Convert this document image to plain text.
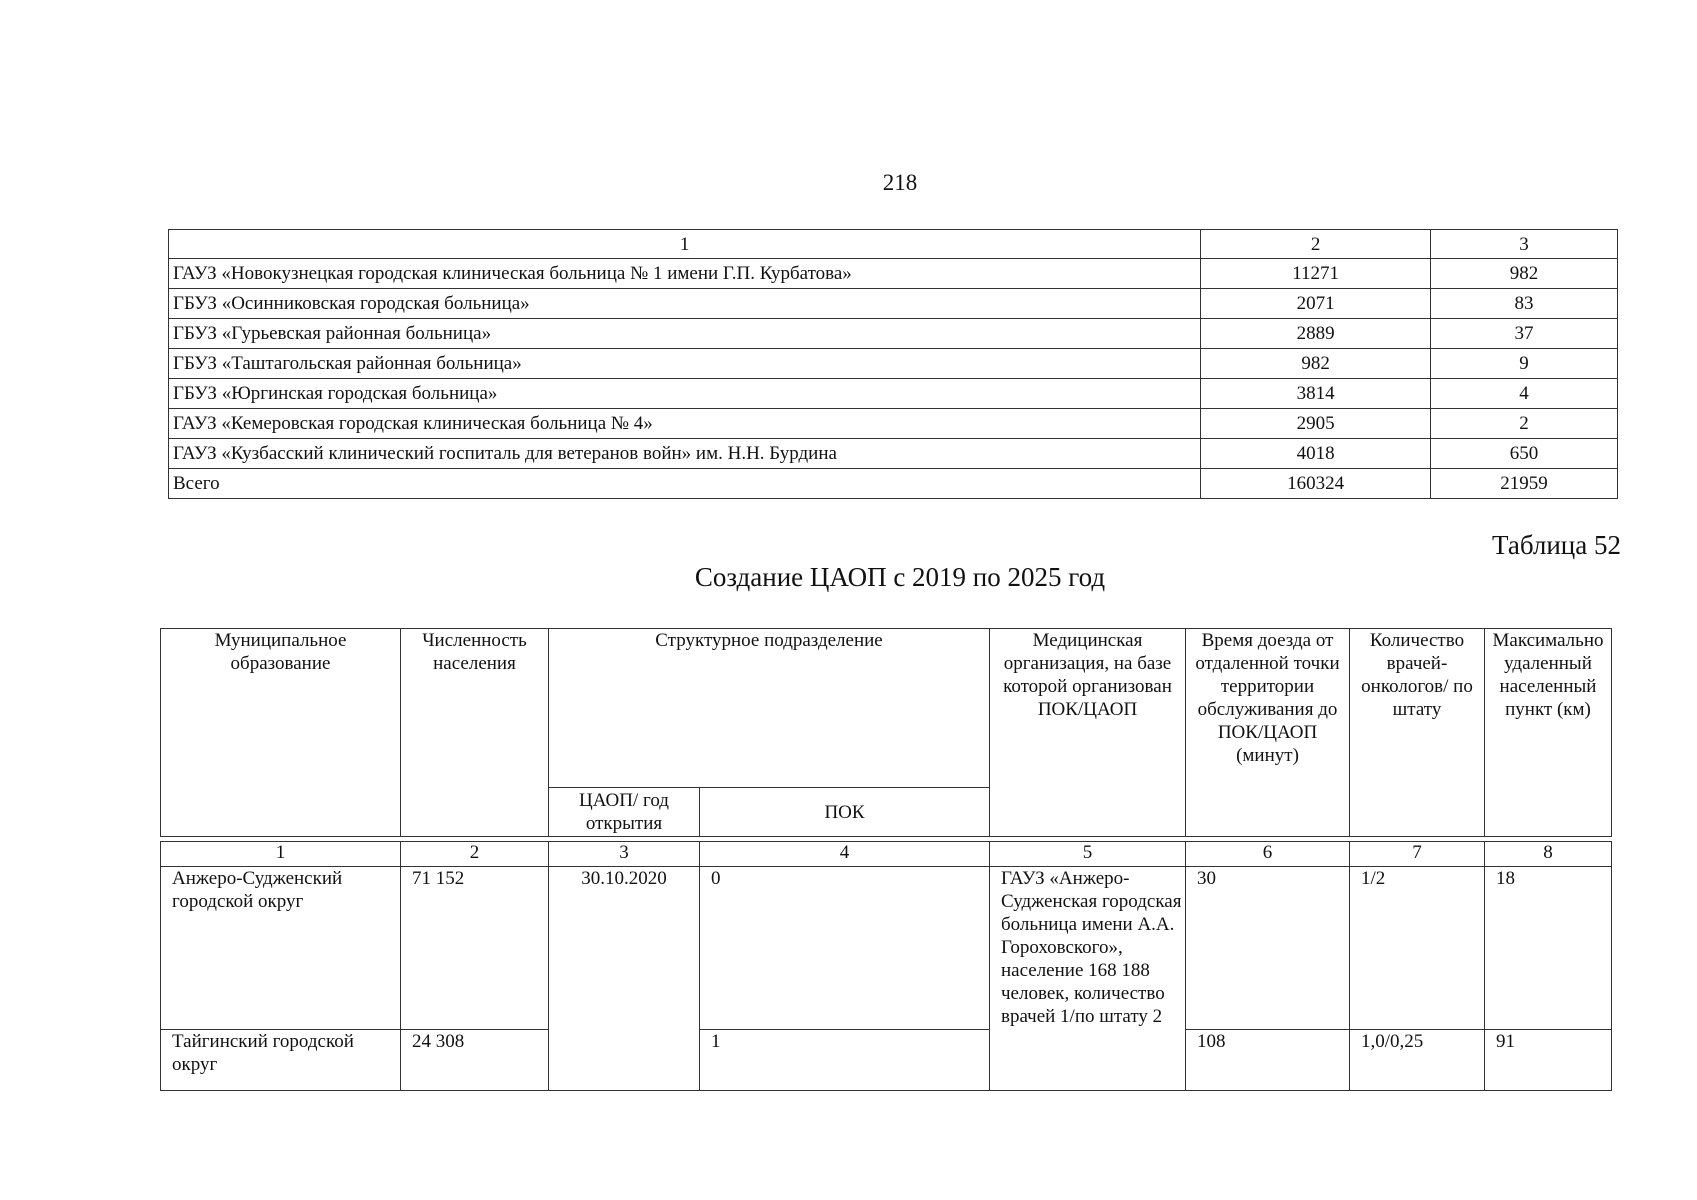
218
1	2	3
ГАУЗ «Новокузнецкая городская клиническая больница № 1 имени Г.П. Курбатова»	11271	982
ГБУЗ «Осинниковская городская больница»	2071	83
ГБУЗ «Гурьевская районная больница»	2889	37
ГБУЗ «Таштагольская районная больница»	982	9
ГБУЗ «Юргинская городская больница»	3814	4
ГАУЗ «Кемеровская городская клиническая больница № 4»	2905	2
ГАУЗ «Кузбасский клинический госпиталь для ветеранов войн» им. Н.Н. Бурдина	4018	650
Всего	160324	21959
Таблица 52
Создание ЦАОП с 2019 по 2025 год
Муниципальное образование	Численность населения	Структурное подразделение		Медицинская организация, на базе которой организован ПОК/ЦАОП	Время доезда от отдаленной точки территории обслуживания до ПОК/ЦАОП (минут)	Количество врачей-онкологов/ по штату	Максимально удаленный населенный пункт (км)
		ЦАОП/ год открытия	ПОК				

1	2	3	4	5	6	7	8
Анжеро-Судженский городской округ	71 152	30.10.2020	0	ГАУЗ «Анжеро-Судженская городская больница имени А.А. Гороховского», население 168 188 человек, количество врачей 1/по штату 2	30	1/2	18
Тайгинский городской округ	24 308		1		108	1,0/0,25	91
